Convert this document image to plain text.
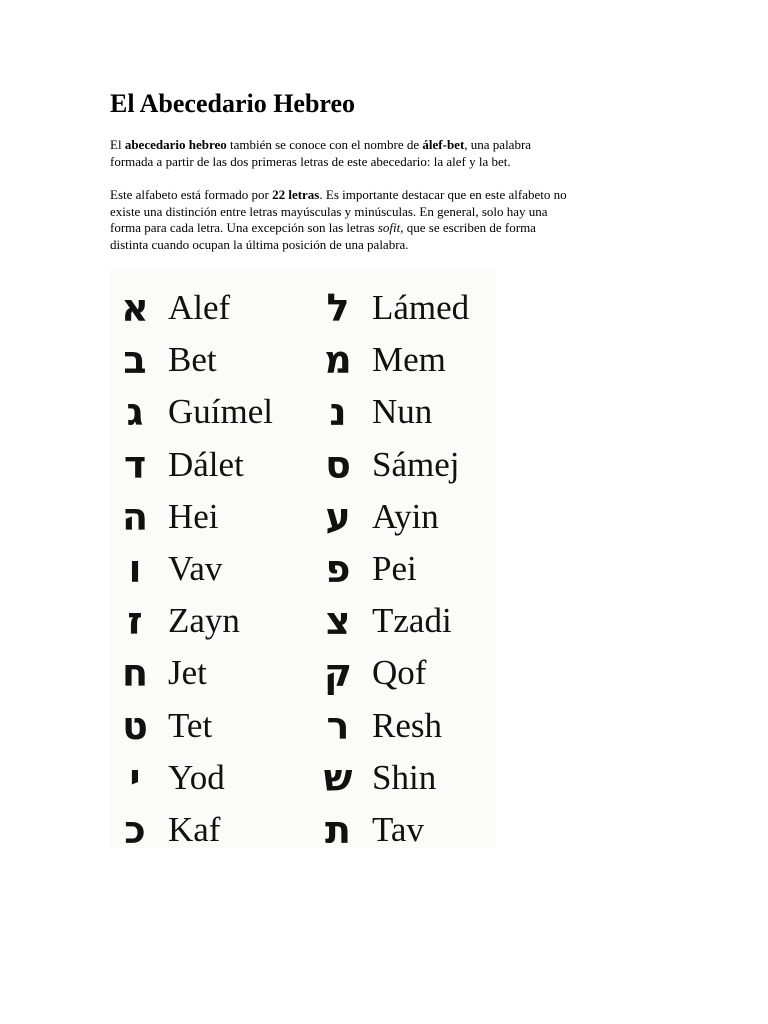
El Abecedario Hebreo

El abecedario hebreo también se conoce con el nombre de álef-bet, una palabra
formada a partir de las dos primeras letras de este abecedario: la alef y la bet.

Este alfabeto está formado por 22 letras. Es importante destacar que en este alfabeto no
existe una distinción entre letras mayúsculas y minúsculas. En general, solo hay una
forma para cada letra. Una excepción son las letras sofit, que se escriben de forma
distinta cuando ocupan la última posición de una palabra.

א Alef
ב Bet
ג Guímel
ד Dálet
ה Hei
ו Vav
ז Zayn
ח Jet
ט Tet
י Yod
כ Kaf
ל Lámed
מ Mem
נ Nun
ס Sámej
ע Ayin
פ Pei
צ Tzadi
ק Qof
ר Resh
ש Shin
ת Tav
